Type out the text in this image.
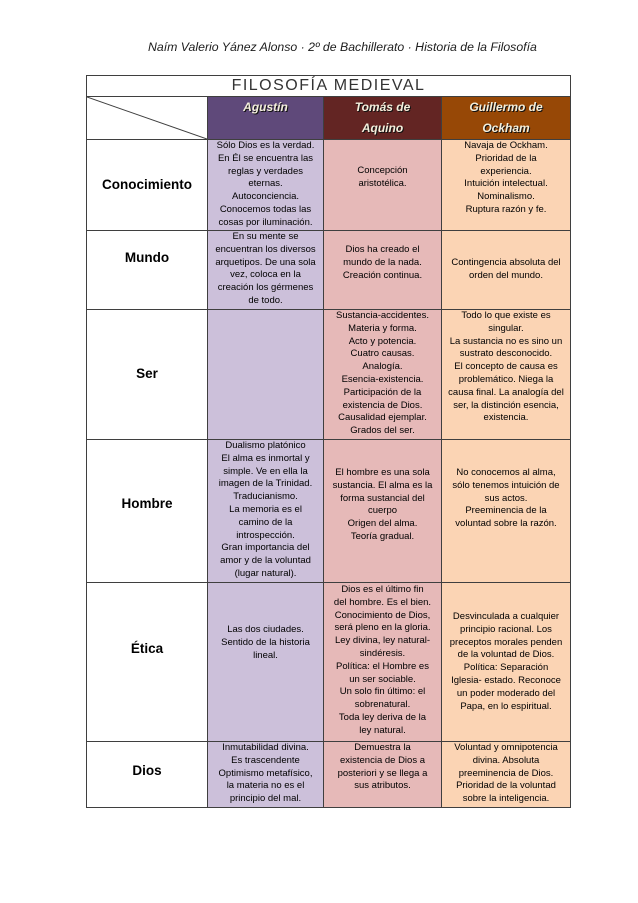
Naím Valerio Yánez Alonso · 2º de Bachillerato · Historia de la Filosofía
FILOSOFÍA MEDIEVAL
Agustín	Tomás de
Aquino
Guillermo de
Ockham
Conocimiento
Sólo Dios es la verdad.
En Él se encuentra las
reglas y verdades
eternas.
Autoconciencia.
Conocemos todas las
cosas por iluminación.
Concepción
aristotélica.
Navaja de Ockham.
Prioridad de la
experiencia.
Intuición intelectual.
Nominalismo.
Ruptura razón y fe.
Mundo
En su mente se
encuentran los diversos
arquetipos. De una sola
vez, coloca en la
creación los gérmenes
de todo.
Dios ha creado el
mundo de la nada.
Creación continua.
Contingencia absoluta del
orden del mundo.
Ser
Sustancia-accidentes.
Materia y forma.
Acto y potencia.
Cuatro causas.
Analogía.
Esencia-existencia.
Participación de la
existencia de Dios.
Causalidad ejemplar.
Grados del ser.
Todo lo que existe es
singular.
La sustancia no es sino un
sustrato desconocido.
El concepto de causa es
problemático. Niega la
causa final. La analogía del
ser, la distinción esencia,
existencia.
Hombre
Dualismo platónico
El alma es inmortal y
simple. Ve en ella la
imagen de la Trinidad.
Traducianismo.
La memoria es el
camino de la
introspección.
Gran importancia del
amor y de la voluntad
(lugar natural).
El hombre es una sola
sustancia. El alma es la
forma sustancial del
cuerpo
Origen del alma.
Teoría gradual.
No conocemos al alma,
sólo tenemos intuición de
sus actos.
Preeminencia de la
voluntad sobre la razón.
Ética
Las dos ciudades.
Sentido de la historia
lineal.
Dios es el último fin
del hombre. Es el bien.
Conocimiento de Dios,
será pleno en la gloria.
Ley divina, ley natural-
sindéresis.
Política: el Hombre es
un ser sociable.
Un solo fin último: el
sobrenatural.
Toda ley deriva de la
ley natural.
Desvinculada a cualquier
principio racional. Los
preceptos morales penden
de la voluntad de Dios.
Política: Separación
Iglesia- estado. Reconoce
un poder moderado del
Papa, en lo espiritual.
Dios
Inmutabilidad divina.
Es trascendente
Optimismo metafísico,
la materia no es el
principio del mal.
Demuestra la
existencia de Dios a
posteriori y se llega a
sus atributos.
Voluntad y omnipotencia
divina. Absoluta
preeminencia de Dios.
Prioridad de la voluntad
sobre la inteligencia.
